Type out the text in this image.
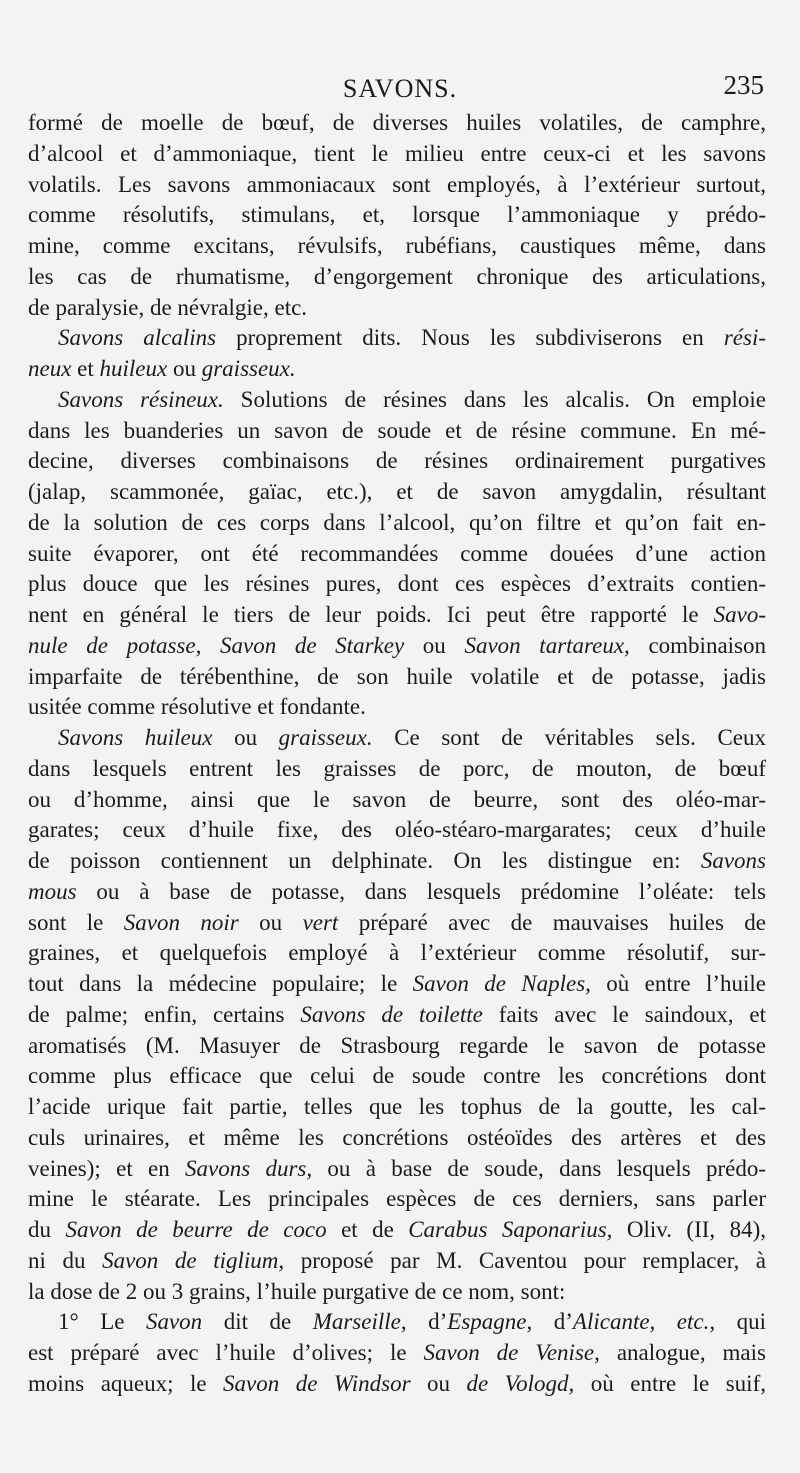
SAVONS.	235
formé de moelle de bœuf, de diverses huiles volatiles, de camphre,
d’alcool et d’ammoniaque, tient le milieu entre ceux-ci et les savons
volatils. Les savons ammoniacaux sont employés, à l’extérieur surtout,
comme résolutifs, stimulans, et, lorsque l’ammoniaque y prédo-
mine, comme excitans, révulsifs, rubéfians, caustiques même, dans
les cas de rhumatisme, d’engorgement chronique des articulations,
de paralysie, de névralgie, etc.
Savons alcalins proprement dits. Nous les subdiviserons en rési-
neux et huileux ou graisseux.
Savons résineux. Solutions de résines dans les alcalis. On emploie
dans les buanderies un savon de soude et de résine commune. En mé-
decine, diverses combinaisons de résines ordinairement purgatives
(jalap, scammonée, gaïac, etc.), et de savon amygdalin, résultant
de la solution de ces corps dans l’alcool, qu’on filtre et qu’on fait en-
suite évaporer, ont été recommandées comme douées d’une action
plus douce que les résines pures, dont ces espèces d’extraits contien-
nent en général le tiers de leur poids. Ici peut être rapporté le Savo-
nule de potasse, Savon de Starkey ou Savon tartareux, combinaison
imparfaite de térébenthine, de son huile volatile et de potasse, jadis
usitée comme résolutive et fondante.
Savons huileux ou graisseux. Ce sont de véritables sels. Ceux
dans lesquels entrent les graisses de porc, de mouton, de bœuf
ou d’homme, ainsi que le savon de beurre, sont des oléo-mar-
garates; ceux d’huile fixe, des oléo-stéaro-margarates; ceux d’huile
de poisson contiennent un delphinate. On les distingue en: Savons
mous ou à base de potasse, dans lesquels prédomine l’oléate: tels
sont le Savon noir ou vert préparé avec de mauvaises huiles de
graines, et quelquefois employé à l’extérieur comme résolutif, sur-
tout dans la médecine populaire; le Savon de Naples, où entre l’huile
de palme; enfin, certains Savons de toilette faits avec le saindoux, et
aromatisés (M. Masuyer de Strasbourg regarde le savon de potasse
comme plus efficace que celui de soude contre les concrétions dont
l’acide urique fait partie, telles que les tophus de la goutte, les cal-
culs urinaires, et même les concrétions ostéoïdes des artères et des
veines); et en Savons durs, ou à base de soude, dans lesquels prédo-
mine le stéarate. Les principales espèces de ces derniers, sans parler
du Savon de beurre de coco et de Carabus Saponarius, Oliv. (II, 84),
ni du Savon de tiglium, proposé par M. Caventou pour remplacer, à
la dose de 2 ou 3 grains, l’huile purgative de ce nom, sont:
1° Le Savon dit de Marseille, d’Espagne, d’Alicante, etc., qui
est préparé avec l’huile d’olives; le Savon de Venise, analogue, mais
moins aqueux; le Savon de Windsor ou de Vologd, où entre le suif,
